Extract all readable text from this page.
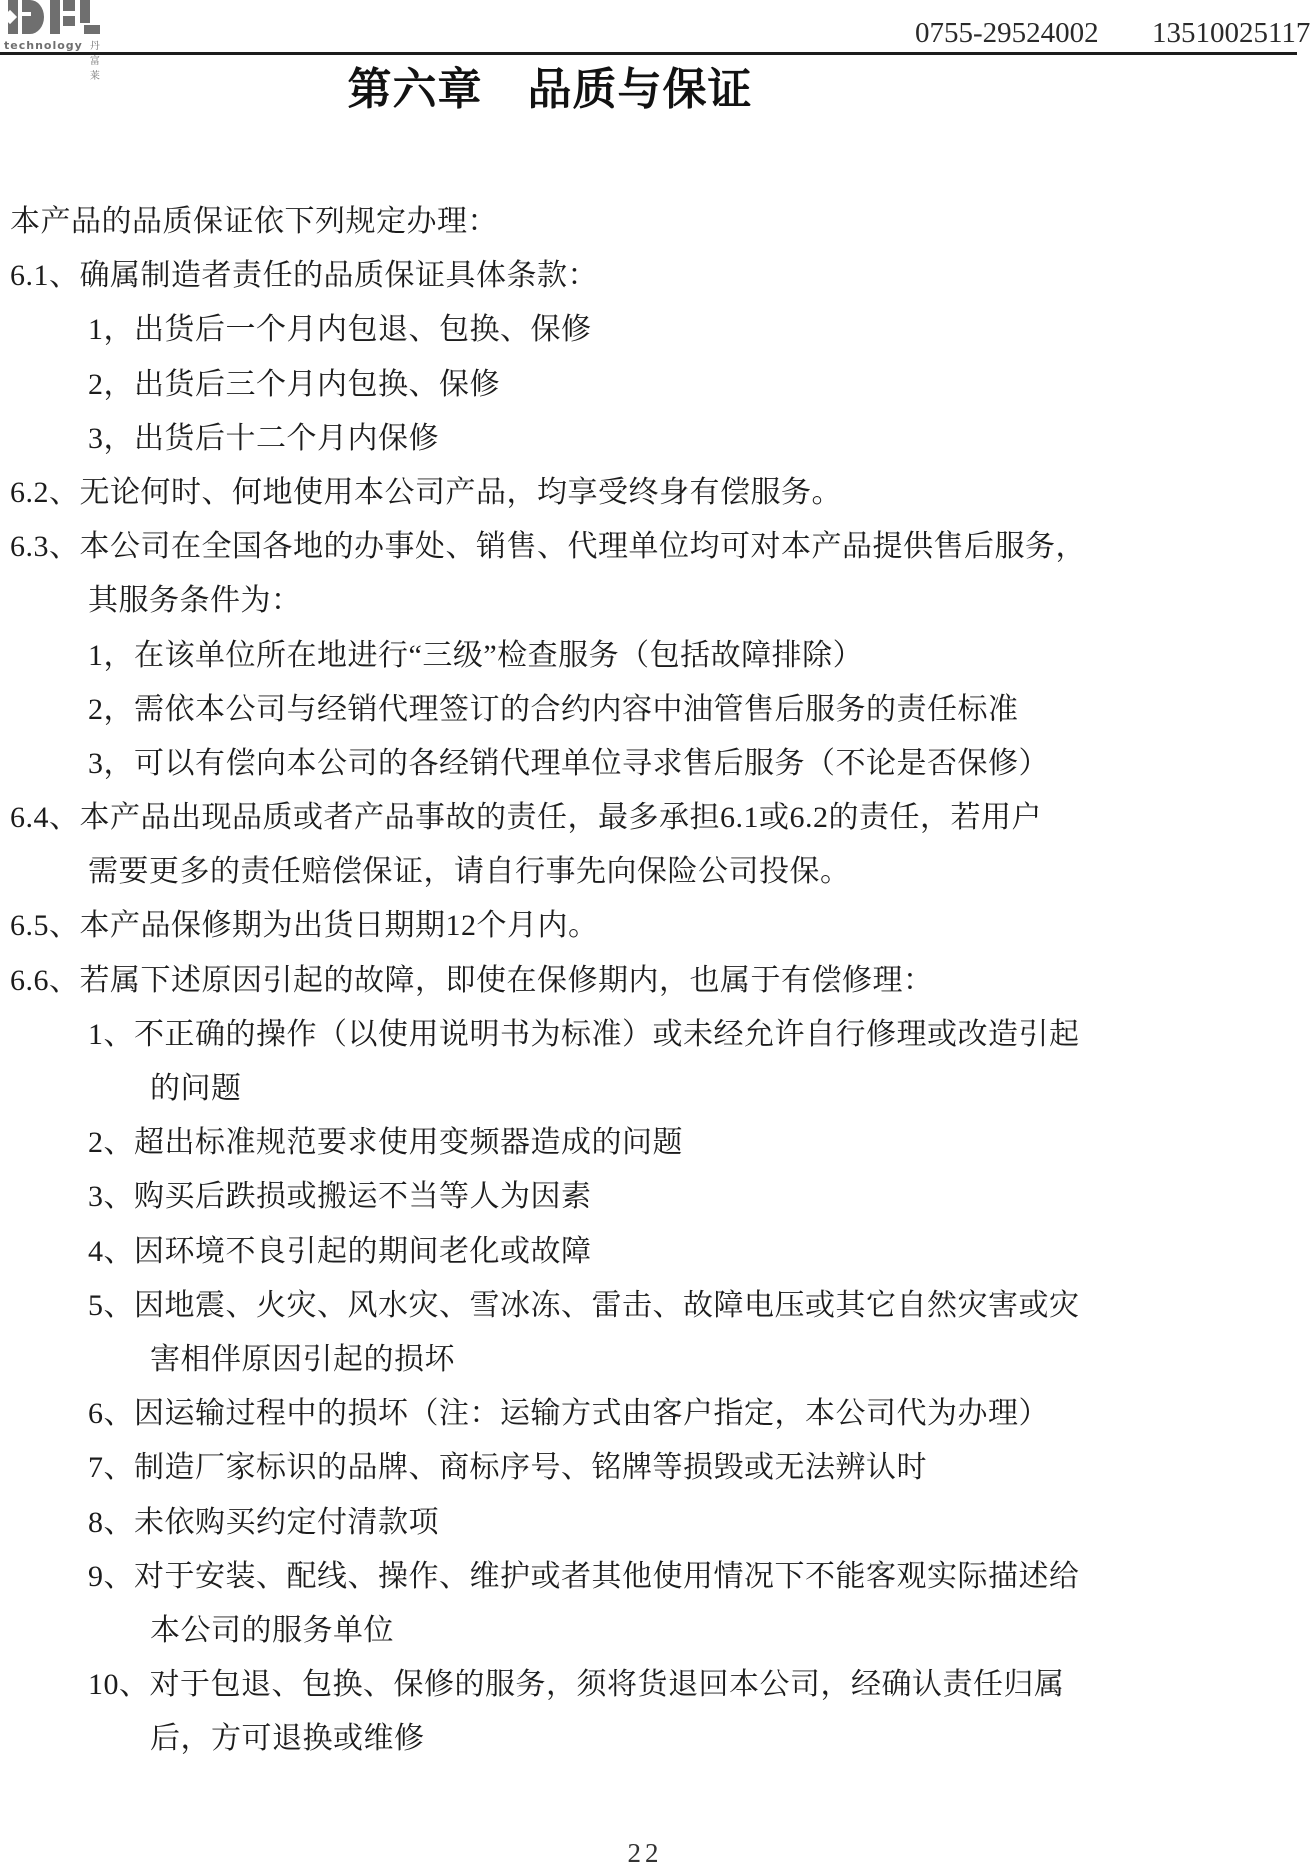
technology 丹富莱
0755-29524002 13510025117
第六章　品质与保证
本产品的品质保证依下列规定办理：
6.1、确属制造者责任的品质保证具体条款：
1，出货后一个月内包退、包换、保修
2，出货后三个月内包换、保修
3，出货后十二个月内保修
6.2、无论何时、何地使用本公司产品，均享受终身有偿服务。
6.3、本公司在全国各地的办事处、销售、代理单位均可对本产品提供售后服务，
其服务条件为：
1，在该单位所在地进行“三级”检查服务（包括故障排除）
2，需依本公司与经销代理签订的合约内容中油管售后服务的责任标准
3，可以有偿向本公司的各经销代理单位寻求售后服务（不论是否保修）
6.4、本产品出现品质或者产品事故的责任，最多承担6.1或6.2的责任，若用户
需要更多的责任赔偿保证，请自行事先向保险公司投保。
6.5、本产品保修期为出货日期期12个月内。
6.6、若属下述原因引起的故障，即使在保修期内，也属于有偿修理：
1、不正确的操作（以使用说明书为标准）或未经允许自行修理或改造引起
的问题
2、超出标准规范要求使用变频器造成的问题
3、购买后跌损或搬运不当等人为因素
4、因环境不良引起的期间老化或故障
5、因地震、火灾、风水灾、雪冰冻、雷击、故障电压或其它自然灾害或灾
害相伴原因引起的损坏
6、因运输过程中的损坏（注：运输方式由客户指定，本公司代为办理）
7、制造厂家标识的品牌、商标序号、铭牌等损毁或无法辨认时
8、未依购买约定付清款项
9、对于安装、配线、操作、维护或者其他使用情况下不能客观实际描述给
本公司的服务单位
10、对于包退、包换、保修的服务，须将货退回本公司，经确认责任归属
后，方可退换或维修
22
